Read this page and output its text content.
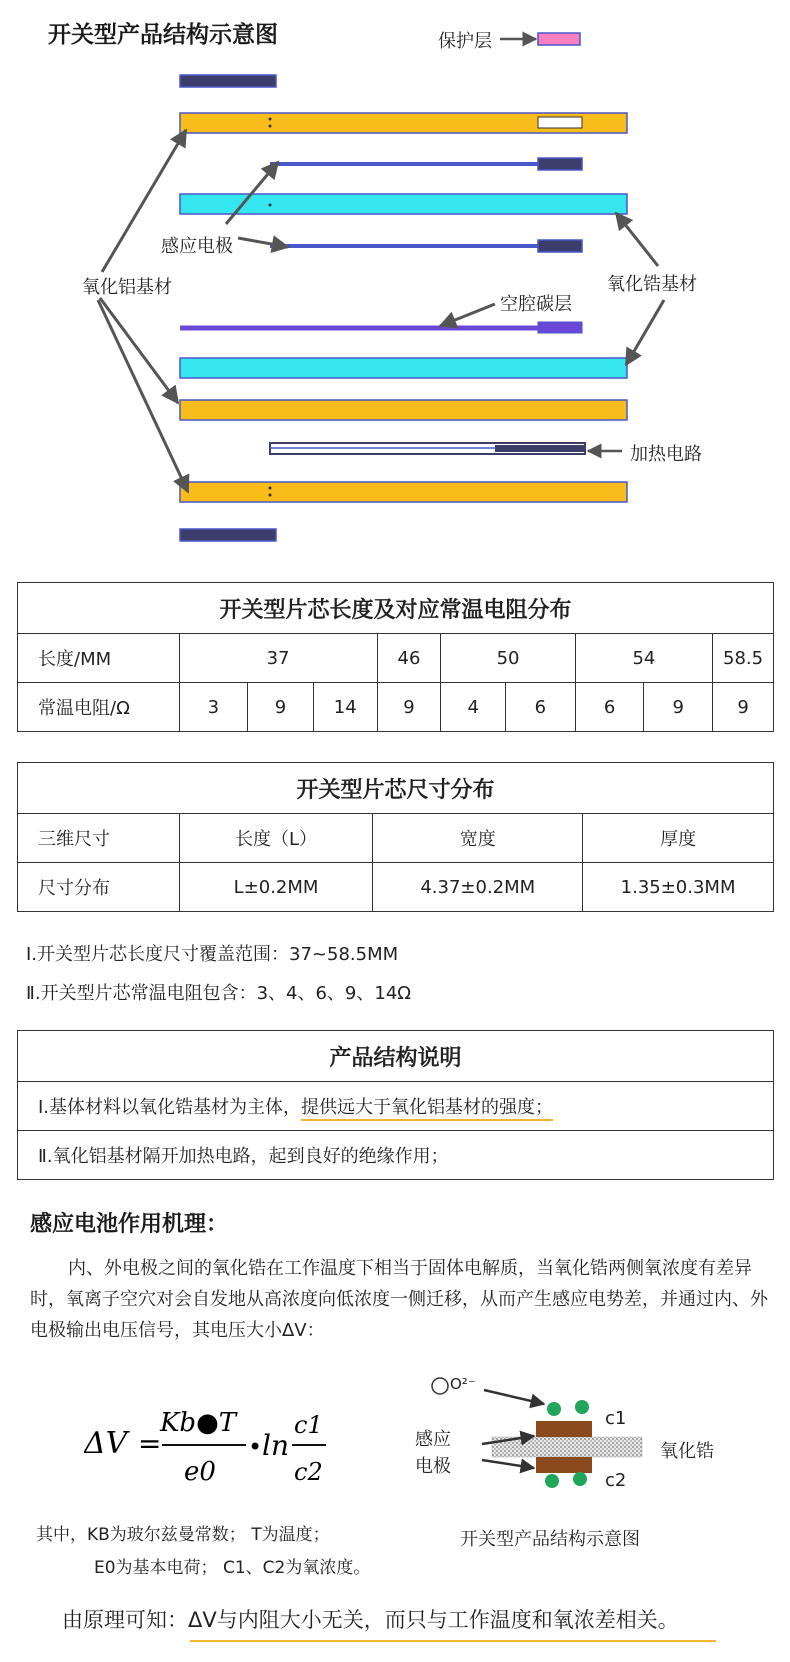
开关型产品结构示意图	保护层
感应电极
氧化铝基材	氧化锆基材
空腔碳层
加热电路
开关型片芯长度及对应常温电阻分布									
长度/MM	37			46	50		54		58.5
常温电阻/Ω	3	9	14	9	4	6	6	9	9
开关型片芯尺寸分布			
三维尺寸	长度（L）	宽度	厚度
尺寸分布	L±0.2MM	4.37±0.2MM	1.35±0.3MM
Ⅰ.开关型片芯长度尺寸覆盖范围：37~58.5MM
Ⅱ.开关型片芯常温电阻包含：3、4、6、9、14Ω
产品结构说明
Ⅰ.基体材料以氧化锆基材为主体，提供远大于氧化铝基材的强度；
Ⅱ.氧化铝基材隔开加热电路，起到良好的绝缘作用；
感应电池作用机理：
内、外电极之间的氧化锆在工作温度下相当于固体电解质，当氧化锆两侧氧浓度有差异时，氧离子空穴对会自发地从高浓度向低浓度一侧迁移，从而产生感应电势差，并通过内、外电极输出电压信号，其电压大小ΔV：
ΔV =
Kb●T
e0
• ln
c1
c2
其中，KB为玻尔兹曼常数； T为温度；
E0为基本电荷； C1、C2为氧浓度。
O²⁻
感应
电极
c1
c2
氧化锆
开关型产品结构示意图
由原理可知：ΔV与内阻大小无关，而只与工作温度和氧浓差相关。
